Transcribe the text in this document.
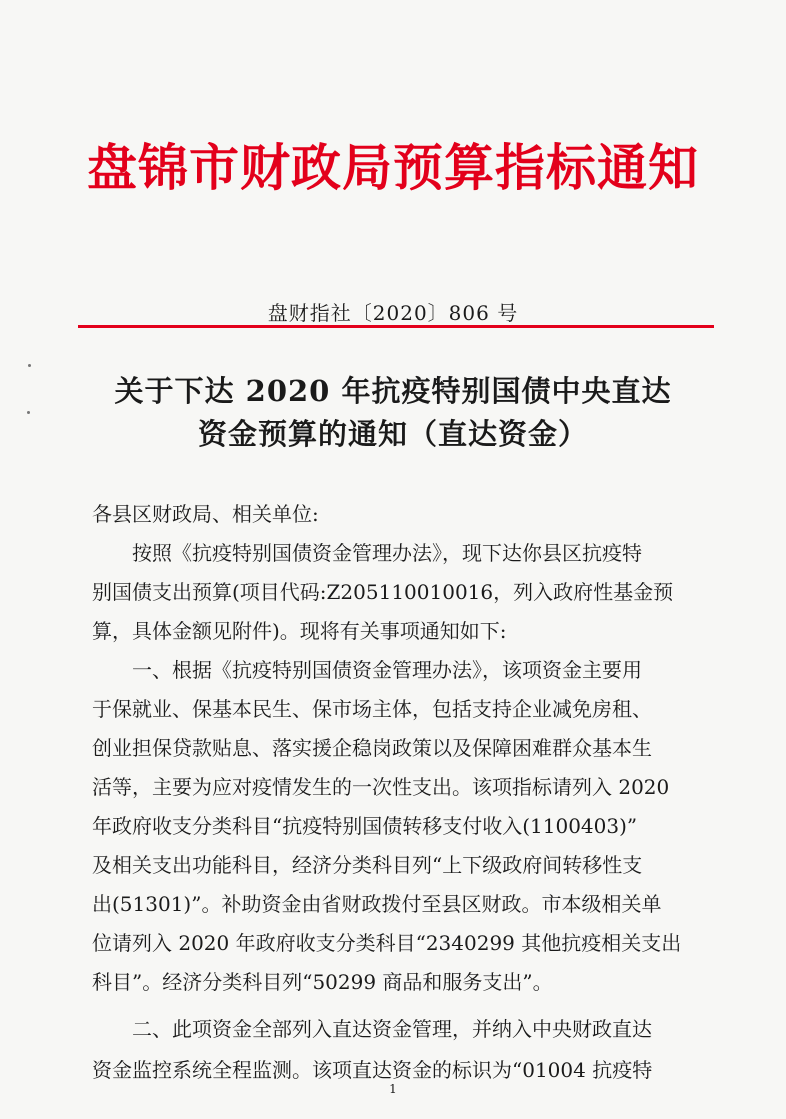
盘锦市财政局预算指标通知
盘财指社〔2020〕806 号
关于下达 2020 年抗疫特别国债中央直达
资金预算的通知（直达资金）
各县区财政局、相关单位:
按照《抗疫特别国债资金管理办法》，现下达你县区抗疫特
别国债支出预算(项目代码:Z205110010016，列入政府性基金预
算，具体金额见附件)。现将有关事项通知如下:
一、根据《抗疫特别国债资金管理办法》，该项资金主要用
于保就业、保基本民生、保市场主体，包括支持企业减免房租、
创业担保贷款贴息、落实援企稳岗政策以及保障困难群众基本生
活等，主要为应对疫情发生的一次性支出。该项指标请列入 2020
年政府收支分类科目“抗疫特别国债转移支付收入(1100403)”
及相关支出功能科目，经济分类科目列“上下级政府间转移性支
出(51301)”。补助资金由省财政拨付至县区财政。市本级相关单
位请列入 2020 年政府收支分类科目“2340299 其他抗疫相关支出
科目”。经济分类科目列“50299 商品和服务支出”。
二、此项资金全部列入直达资金管理，并纳入中央财政直达
资金监控系统全程监测。该项直达资金的标识为“01004 抗疫特
1
